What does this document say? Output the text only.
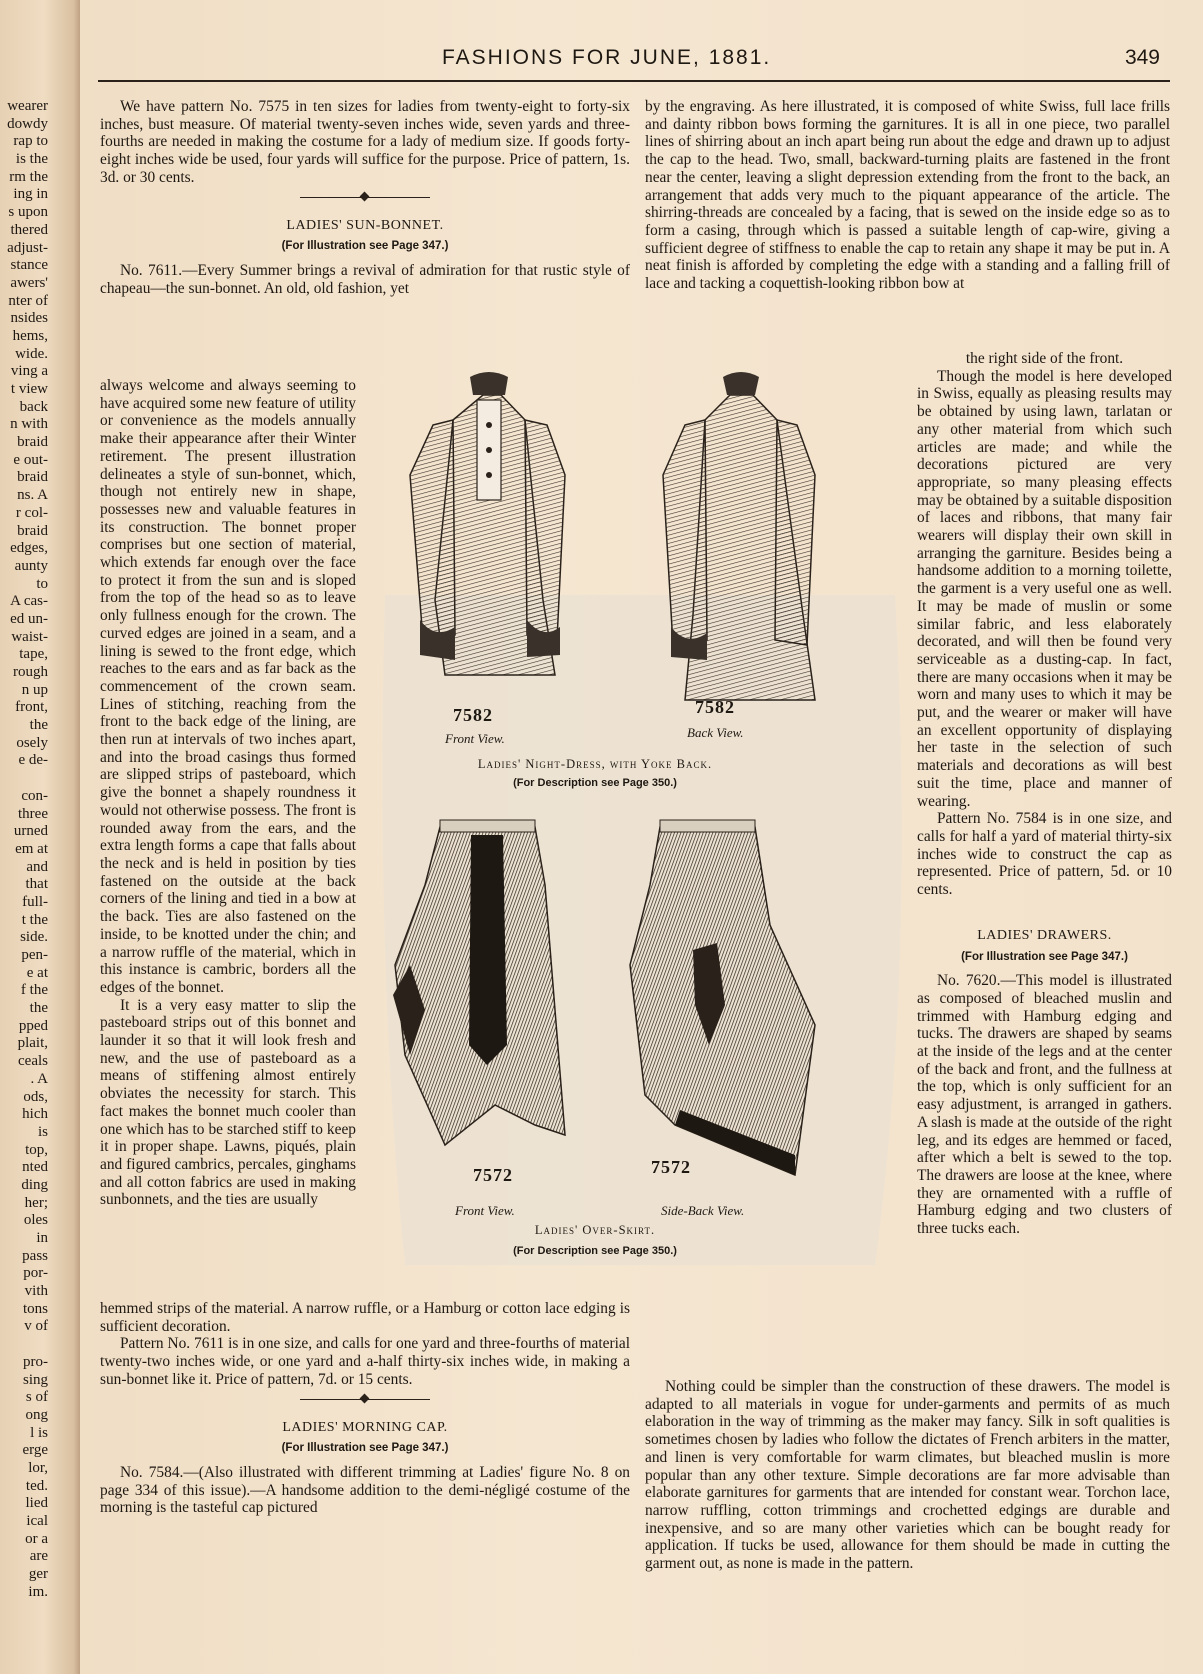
wearer
dowdy
rap to
is the
rm the
ing in
s upon
thered
adjust-
stance
awers'
nter of
nsides
hems,
wide.
ving a
t view
back
n with
braid
e out-
braid
ns. A
r col-
braid
edges,
aunty
to
A cas-
ed un-
waist-
tape,
rough
n up
front,
the
osely
e de-
con-
three
urned
em at
and
that
full-
t the
side.
pen-
e at
f the
the
pped
plait,
ceals
. A
ods,
hich
is
top,
nted
ding
her;
oles
in
pass
por-
vith
tons
v of
pro-
sing
s of
ong
l is
erge
lor,
ted.
lied
ical
or a
are
ger
im.
FASHIONS FOR JUNE, 1881.	349

We have pattern No. 7575 in ten sizes for ladies from twenty-eight to forty-six inches, bust measure. Of material twenty-seven inches wide, seven yards and three-fourths are needed in making the costume for a lady of medium size. If goods forty-eight inches wide be used, four yards will suffice for the purpose. Price of pattern, 1s. 3d. or 30 cents.

LADIES' SUN-BONNET.
(For Illustration see Page 347.)

No. 7611.—Every Summer brings a revival of admiration for that rustic style of chapeau—the sun-bonnet. An old, old fashion, yet

always welcome and always seeming to have acquired some new feature of utility or convenience as the models annually make their appearance after their Winter retirement. The present illustration delineates a style of sun-bonnet, which, though not entirely new in shape, possesses new and valuable features in its construction. The bonnet proper comprises but one section of material, which extends far enough over the face to protect it from the sun and is sloped from the top of the head so as to leave only fullness enough for the crown. The curved edges are joined in a seam, and a lining is sewed to the front edge, which reaches to the ears and as far back as the commencement of the crown seam. Lines of stitching, reaching from the front to the back edge of the lining, are then run at intervals of two inches apart, and into the broad casings thus formed are slipped strips of pasteboard, which give the bonnet a shapely roundness it would not otherwise possess. The front is rounded away from the ears, and the extra length forms a cape that falls about the neck and is held in position by ties fastened on the outside at the back corners of the lining and tied in a bow at the back. Ties are also fastened on the inside, to be knotted under the chin; and a narrow ruffle of the material, which in this instance is cambric, borders all the edges of the bonnet.

It is a very easy matter to slip the pasteboard strips out of this bonnet and launder it so that it will look fresh and new, and the use of pasteboard as a means of stiffening almost entirely obviates the necessity for starch. This fact makes the bonnet much cooler than one which has to be starched stiff to keep it in proper shape. Lawns, piqués, plain and figured cambrics, percales, ginghams and all cotton fabrics are used in making sunbonnets, and the ties are usually

hemmed strips of the material. A narrow ruffle, or a Hamburg or cotton lace edging is sufficient decoration.

Pattern No. 7611 is in one size, and calls for one yard and three-fourths of material twenty-two inches wide, or one yard and a-half thirty-six inches wide, in making a sun-bonnet like it. Price of pattern, 7d. or 15 cents.

LADIES' MORNING CAP.
(For Illustration see Page 347.)

No. 7584.—(Also illustrated with different trimming at Ladies' figure No. 8 on page 334 of this issue).—A handsome addition to the demi-négligé costume of the morning is the tasteful cap pictured

by the engraving. As here illustrated, it is composed of white Swiss, full lace frills and dainty ribbon bows forming the garnitures. It is all in one piece, two parallel lines of shirring about an inch apart being run about the edge and drawn up to adjust the cap to the head. Two, small, backward-turning plaits are fastened in the front near the center, leaving a slight depression extending from the front to the back, an arrangement that adds very much to the piquant appearance of the article. The shirring-threads are concealed by a facing, that is sewed on the inside edge so as to form a casing, through which is passed a suitable length of cap-wire, giving a sufficient degree of stiffness to enable the cap to retain any shape it may be put in. A neat finish is afforded by completing the edge with a standing and a falling frill of lace and tacking a coquettish-looking ribbon bow at

the right side of the front.

Though the model is here developed in Swiss, equally as pleasing results may be obtained by using lawn, tarlatan or any other material from which such articles are made; and while the decorations pictured are very appropriate, so many pleasing effects may be obtained by a suitable disposition of laces and ribbons, that many fair wearers will display their own skill in arranging the garniture. Besides being a handsome addition to a morning toilette, the garment is a very useful one as well. It may be made of muslin or some similar fabric, and less elaborately decorated, and will then be found very serviceable as a dusting-cap. In fact, there are many occasions when it may be worn and many uses to which it may be put, and the wearer or maker will have an excellent opportunity of displaying her taste in the selection of such materials and decorations as will best suit the time, place and manner of wearing.

Pattern No. 7584 is in one size, and calls for half a yard of material thirty-six inches wide to construct the cap as represented. Price of pattern, 5d. or 10 cents.

LADIES' DRAWERS.
(For Illustration see Page 347.)

No. 7620.—This model is illustrated as composed of bleached muslin and trimmed with Hamburg edging and tucks. The drawers are shaped by seams at the inside of the legs and at the center of the back and front, and the fullness at the top, which is only sufficient for an easy adjustment, is arranged in gathers. A slash is made at the outside of the right leg, and its edges are hemmed or faced, after which a belt is sewed to the top. The drawers are loose at the knee, where they are ornamented with a ruffle of Hamburg edging and two clusters of three tucks each.

Nothing could be simpler than the construction of these drawers. The model is adapted to all materials in vogue for under-garments and permits of as much elaboration in the way of trimming as the maker may fancy. Silk in soft qualities is sometimes chosen by ladies who follow the dictates of French arbiters in the matter, and linen is very comfortable for warm climates, but bleached muslin is more popular than any other texture. Simple decorations are far more advisable than elaborate garnitures for garments that are intended for constant wear. Torchon lace, narrow ruffling, cotton trimmings and crochetted edgings are durable and inexpensive, and so are many other varieties which can be bought ready for application. If tucks be used, allowance for them should be made in cutting the garment out, as none is made in the pattern.

7582
Front View.
7582
Back View.
Ladies' Night-Dress, with Yoke Back.
(For Description see Page 350.)
7572
Front View.
7572
Side-Back View.
Ladies' Over-Skirt.
(For Description see Page 350.)
